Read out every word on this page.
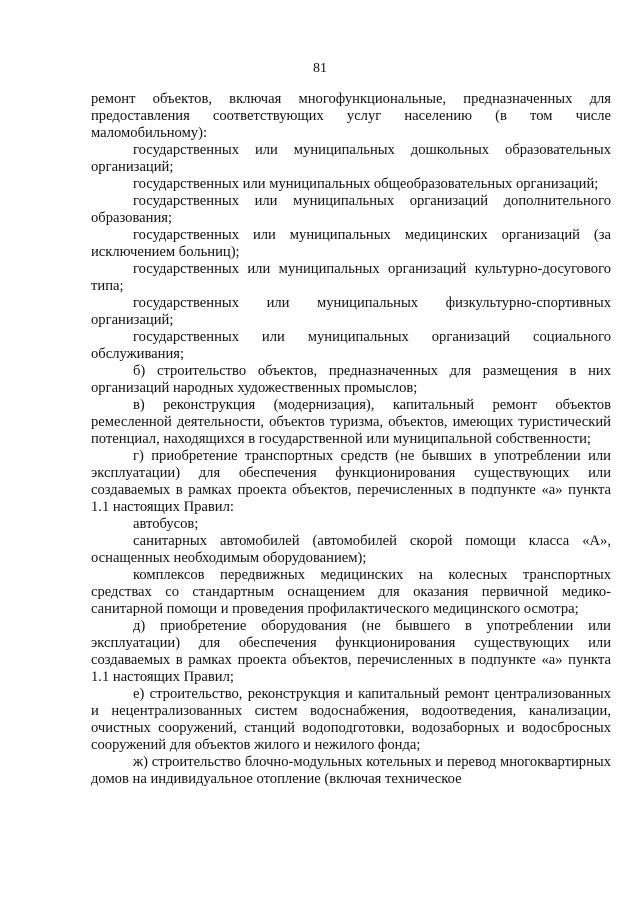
81

ремонт объектов, включая многофункциональные, предназначенных для предоставления соответствующих услуг населению (в том числе маломобильному):

государственных или муниципальных дошкольных образовательных организаций;

государственных или муниципальных общеобразовательных организаций;

государственных или муниципальных организаций дополнительного образования;

государственных или муниципальных медицинских организаций (за исключением больниц);

государственных или муниципальных организаций культурно-досугового типа;

государственных или муниципальных физкультурно-спортивных организаций;

государственных или муниципальных организаций социального обслуживания;

б) строительство объектов, предназначенных для размещения в них организаций народных художественных промыслов;

в) реконструкция (модернизация), капитальный ремонт объектов ремесленной деятельности, объектов туризма, объектов, имеющих туристический потенциал, находящихся в государственной или муниципальной собственности;

г) приобретение транспортных средств (не бывших в употреблении или эксплуатации) для обеспечения функционирования существующих или создаваемых в рамках проекта объектов, перечисленных в подпункте «а» пункта 1.1 настоящих Правил:

автобусов;

санитарных автомобилей (автомобилей скорой помощи класса «А», оснащенных необходимым оборудованием);

комплексов передвижных медицинских на колесных транспортных средствах со стандартным оснащением для оказания первичной медико-санитарной помощи и проведения профилактического медицинского осмотра;

д) приобретение оборудования (не бывшего в употреблении или эксплуатации) для обеспечения функционирования существующих или создаваемых в рамках проекта объектов, перечисленных в подпункте «а» пункта 1.1 настоящих Правил;

е) строительство, реконструкция и капитальный ремонт централизованных и нецентрализованных систем водоснабжения, водоотведения, канализации, очистных сооружений, станций водоподготовки, водозаборных и водосбросных сооружений для объектов жилого и нежилого фонда;

ж) строительство блочно-модульных котельных и перевод многоквартирных домов на индивидуальное отопление (включая техническое
